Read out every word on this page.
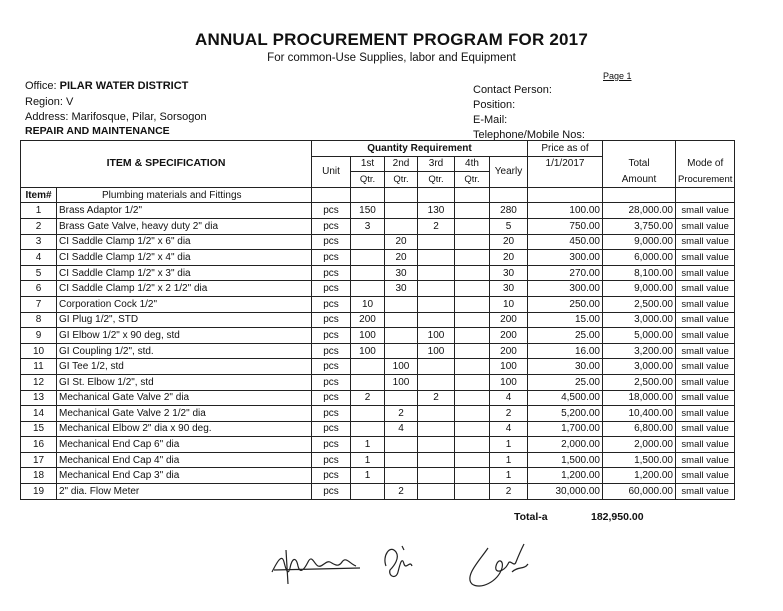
ANNUAL PROCUREMENT PROGRAM FOR 2017
For common-Use Supplies, labor and Equipment
Page 1
Office: PILAR WATER DISTRICT
Region: V
Address: Marifosque, Pilar, Sorsogon
REPAIR AND MAINTENANCE
Contact Person:
Position:
E-Mail:
Telephone/Mobile Nos:
ITEM & SPECIFICATION		Quantity Requirement						Price as of		
		Unit	1st	2nd	3rd	4th	Yearly	1/1/2017	Total	Mode of
			Qtr.	Qtr.	Qtr.	Qtr.			Amount	Procurement
Item#	Plumbing materials and Fittings									
1	Brass Adaptor 1/2"	pcs	150		130		280	100.00	28,000.00	small value
2	Brass Gate Valve, heavy duty 2" dia	pcs	3		2		5	750.00	3,750.00	small value
3	CI Saddle Clamp 1/2" x 6" dia	pcs		20			20	450.00	9,000.00	small value
4	CI Saddle Clamp 1/2" x 4" dia	pcs		20			20	300.00	6,000.00	small value
5	CI Saddle Clamp 1/2" x 3" dia	pcs		30			30	270.00	8,100.00	small value
6	CI Saddle Clamp 1/2" x 2 1/2" dia	pcs		30			30	300.00	9,000.00	small value
7	Corporation Cock 1/2"	pcs	10				10	250.00	2,500.00	small value
8	GI Plug 1/2", STD	pcs	200				200	15.00	3,000.00	small value
9	GI Elbow 1/2" x 90 deg, std	pcs	100		100		200	25.00	5,000.00	small value
10	GI Coupling 1/2", std.	pcs	100		100		200	16.00	3,200.00	small value
11	GI Tee 1/2, std	pcs		100			100	30.00	3,000.00	small value
12	GI St. Elbow 1/2", std	pcs		100			100	25.00	2,500.00	small value
13	Mechanical Gate Valve 2" dia	pcs	2		2		4	4,500.00	18,000.00	small value
14	Mechanical Gate Valve 2 1/2" dia	pcs		2			2	5,200.00	10,400.00	small value
15	Mechanical Elbow 2" dia x 90 deg.	pcs		4			4	1,700.00	6,800.00	small value
16	Mechanical End Cap 6" dia	pcs	1				1	2,000.00	2,000.00	small value
17	Mechanical End Cap 4" dia	pcs	1				1	1,500.00	1,500.00	small value
18	Mechanical End Cap 3" dia	pcs	1				1	1,200.00	1,200.00	small value
19	2" dia. Flow Meter	pcs		2			2	30,000.00	60,000.00	small value
Total-a	182,950.00
